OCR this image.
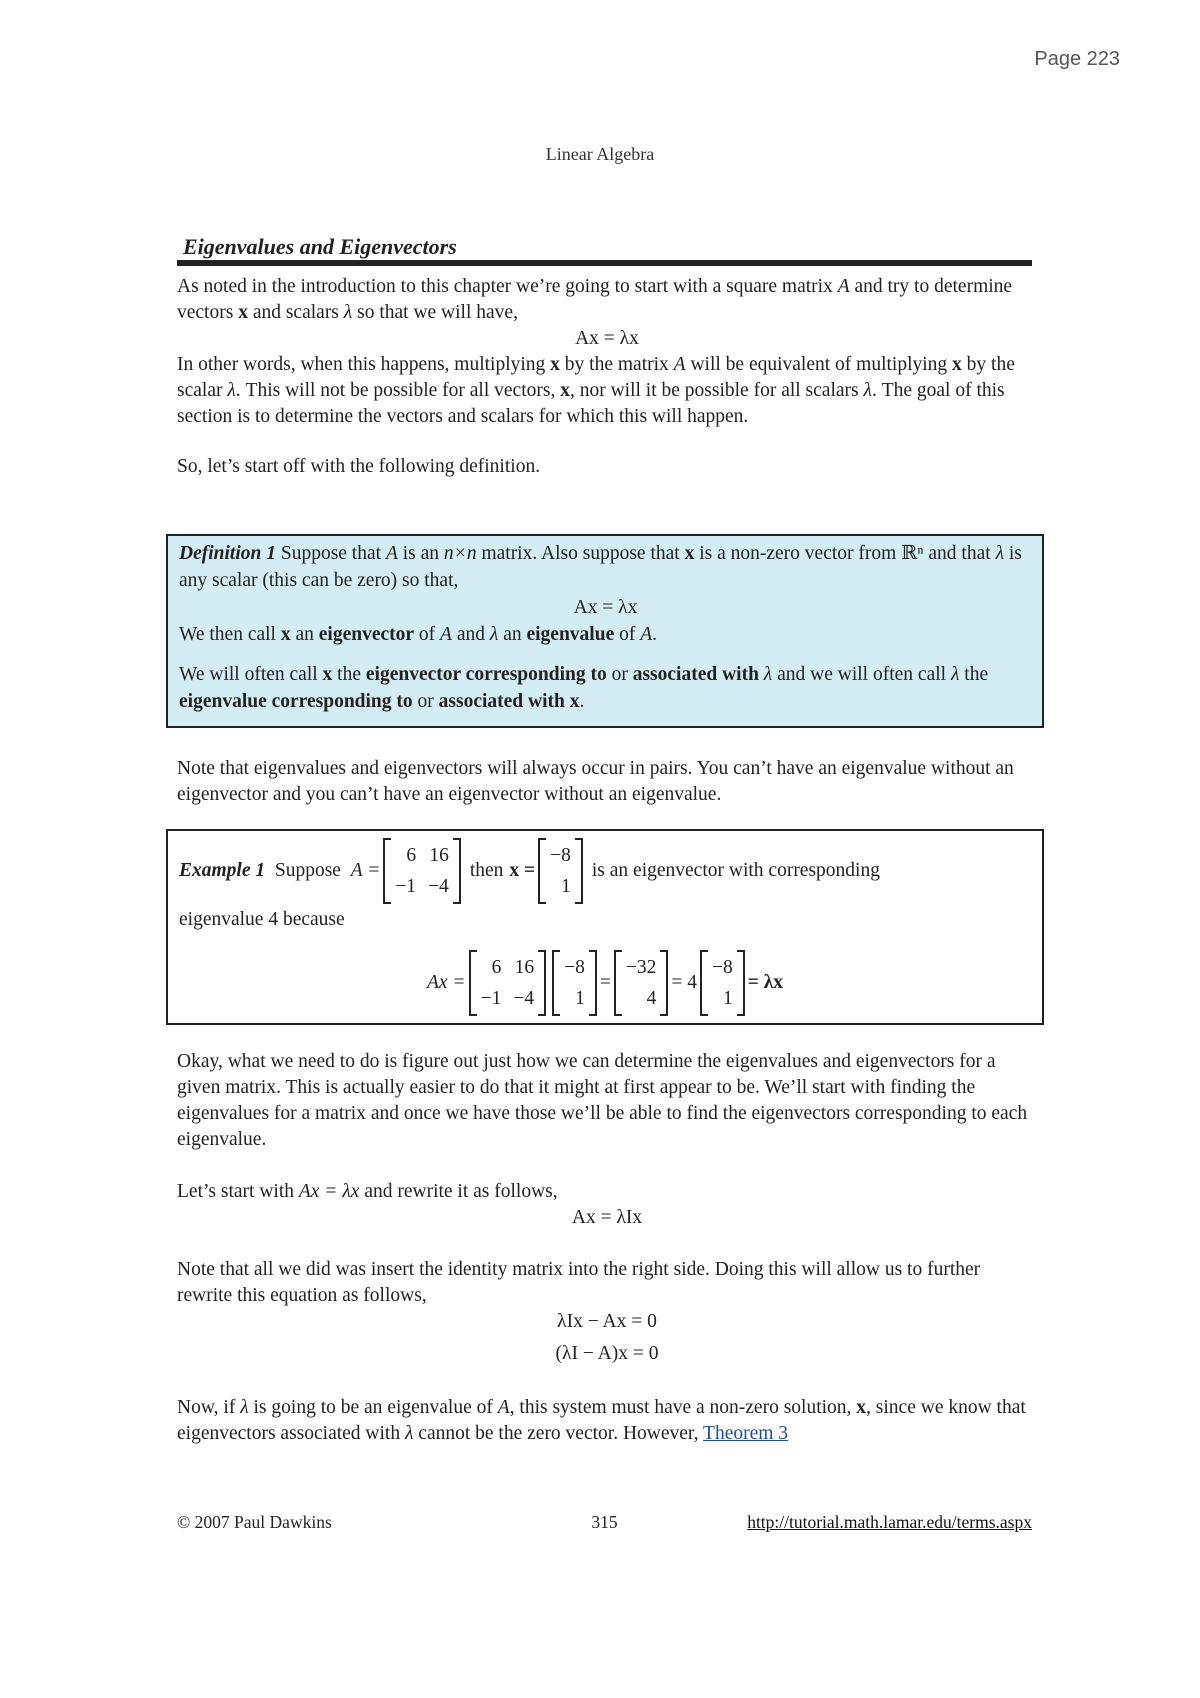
Page 223
Linear Algebra
Eigenvalues and Eigenvectors

As noted in the introduction to this chapter we’re going to start with a square matrix A and try to determine vectors x and scalars λ so that we will have,

Ax = λx

In other words, when this happens, multiplying x by the matrix A will be equivalent of multiplying x by the scalar λ. This will not be possible for all vectors, x, nor will it be possible for all scalars λ. The goal of this section is to determine the vectors and scalars for which this will happen.

So, let’s start off with the following definition.

Definition 1 Suppose that A is an n×n matrix. Also suppose that x is a non-zero vector from ℝⁿ and that λ is any scalar (this can be zero) so that,

Ax = λx

We then call x an eigenvector of A and λ an eigenvalue of A.

We will often call x the eigenvector corresponding to or associated with λ and we will often call λ the eigenvalue corresponding to or associated with x.

Note that eigenvalues and eigenvectors will always occur in pairs. You can’t have an eigenvalue without an eigenvector and you can’t have an eigenvector without an eigenvalue.

Example 1 Suppose A =
6	16
−1	−4
then x =
−8
1
is an eigenvector with corresponding
eigenvalue 4 because
Ax =
6	16
−1	−4
−8
1
=
−32
4
= 4
−8
1
= λx

Okay, what we need to do is figure out just how we can determine the eigenvalues and eigenvectors for a given matrix. This is actually easier to do that it might at first appear to be. We’ll start with finding the eigenvalues for a matrix and once we have those we’ll be able to find the eigenvectors corresponding to each eigenvalue.

Let’s start with Ax = λx and rewrite it as follows,

Ax = λIx

Note that all we did was insert the identity matrix into the right side. Doing this will allow us to further rewrite this equation as follows,

λIx − Ax = 0

(λI − A)x = 0

Now, if λ is going to be an eigenvalue of A, this system must have a non-zero solution, x, since we know that eigenvectors associated with λ cannot be the zero vector. However, Theorem 3

© 2007 Paul Dawkins	315	http://tutorial.math.lamar.edu/terms.aspx
